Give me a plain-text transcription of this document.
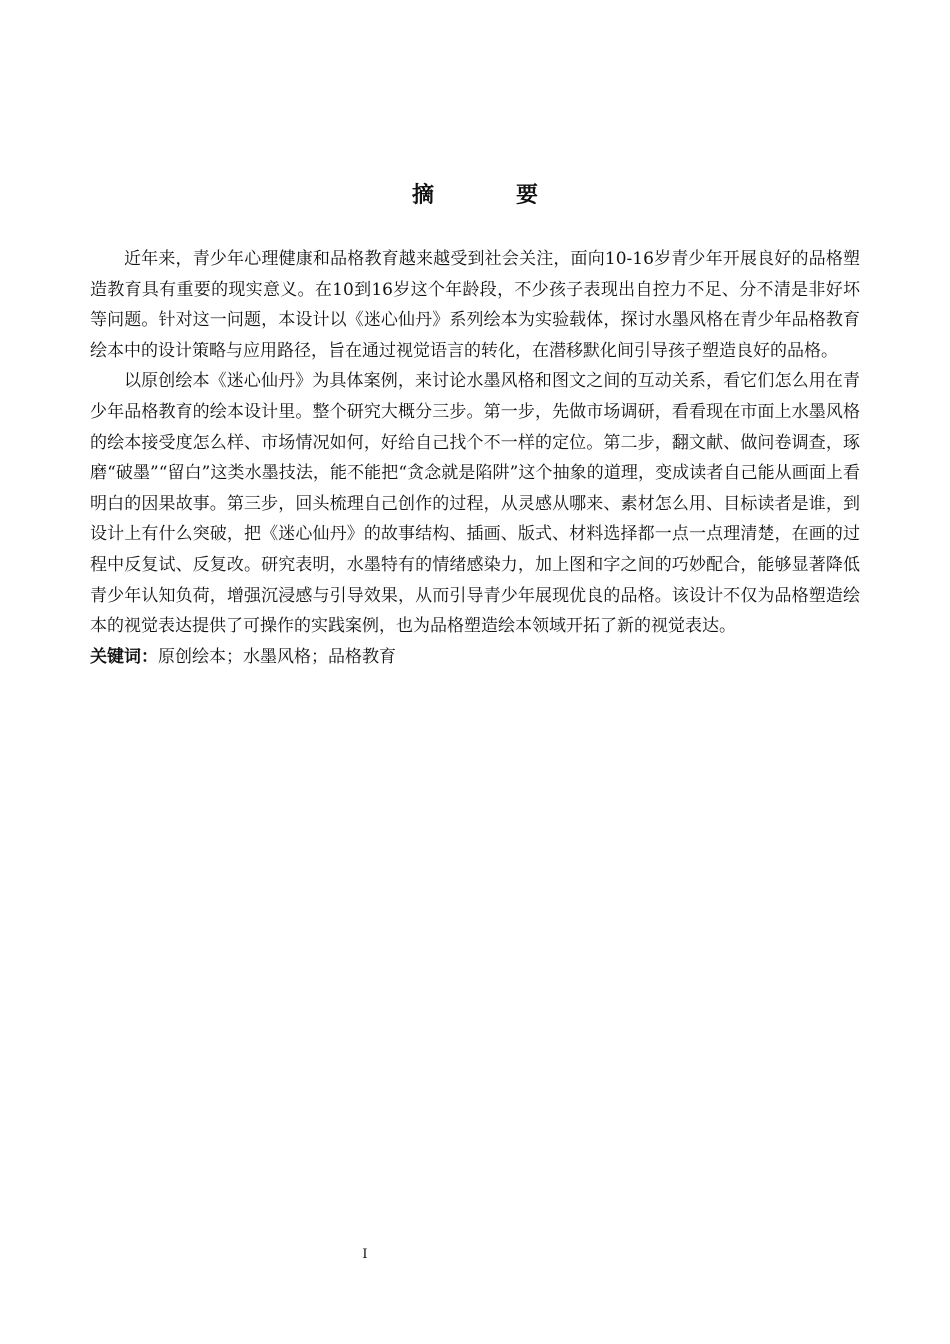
摘　要

近年来，青少年心理健康和品格教育越来越受到社会关注，面向10-16岁青少年开展良好的品格塑造教育具有重要的现实意义。在10到16岁这个年龄段，不少孩子表现出自控力不足、分不清是非好坏等问题。针对这一问题，本设计以《迷心仙丹》系列绘本为实验载体，探讨水墨风格在青少年品格教育绘本中的设计策略与应用路径，旨在通过视觉语言的转化，在潜移默化间引导孩子塑造良好的品格。

以原创绘本《迷心仙丹》为具体案例，来讨论水墨风格和图文之间的互动关系，看它们怎么用在青少年品格教育的绘本设计里。整个研究大概分三步。第一步，先做市场调研，看看现在市面上水墨风格的绘本接受度怎么样、市场情况如何，好给自己找个不一样的定位。第二步，翻文献、做问卷调查，琢磨“破墨”“留白”这类水墨技法，能不能把“贪念就是陷阱”这个抽象的道理，变成读者自己能从画面上看明白的因果故事。第三步，回头梳理自己创作的过程，从灵感从哪来、素材怎么用、目标读者是谁，到设计上有什么突破，把《迷心仙丹》的故事结构、插画、版式、材料选择都一点一点理清楚，在画的过程中反复试、反复改。研究表明，水墨特有的情绪感染力，加上图和字之间的巧妙配合，能够显著降低青少年认知负荷，增强沉浸感与引导效果，从而引导青少年展现优良的品格。该设计不仅为品格塑造绘本的视觉表达提供了可操作的实践案例，也为品格塑造绘本领域开拓了新的视觉表达。

关键词：原创绘本；水墨风格；品格教育

I
